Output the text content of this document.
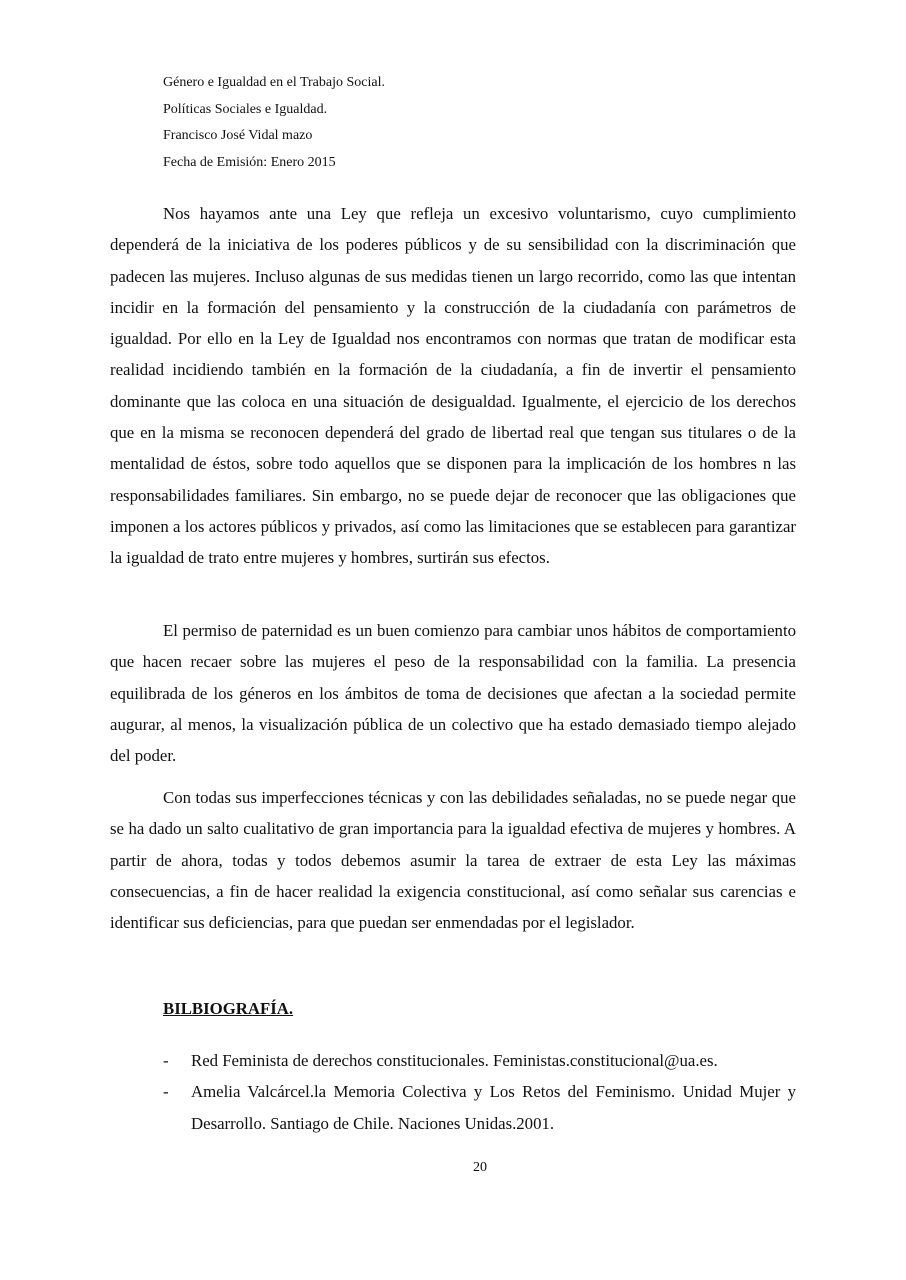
Género e Igualdad en el Trabajo Social.
Políticas Sociales e Igualdad.
Francisco José Vidal mazo
Fecha de Emisión: Enero 2015

Nos hayamos ante una Ley que refleja un excesivo voluntarismo, cuyo cumplimiento dependerá de la iniciativa de los poderes públicos y de su sensibilidad con la discriminación que padecen las mujeres. Incluso algunas de sus medidas tienen un largo recorrido, como las que intentan incidir en la formación del pensamiento y la construcción de la ciudadanía con parámetros de igualdad. Por ello en la Ley de Igualdad nos encontramos con normas que tratan de modificar esta realidad incidiendo también en la formación de la ciudadanía, a fin de invertir el pensamiento dominante que las coloca en una situación de desigualdad. Igualmente, el ejercicio de los derechos que en la misma se reconocen dependerá del grado de libertad real que tengan sus titulares o de la mentalidad de éstos, sobre todo aquellos que se disponen para la implicación de los hombres n las responsabilidades familiares. Sin embargo, no se puede dejar de reconocer que las obligaciones que imponen a los actores públicos y privados, así como las limitaciones que se establecen para garantizar la igualdad de trato entre mujeres y hombres, surtirán sus efectos.

El permiso de paternidad es un buen comienzo para cambiar unos hábitos de comportamiento que hacen recaer sobre las mujeres el peso de la responsabilidad con la familia. La presencia equilibrada de los géneros en los ámbitos de toma de decisiones que afectan a la sociedad permite augurar, al menos, la visualización pública de un colectivo que ha estado demasiado tiempo alejado del poder.

Con todas sus imperfecciones técnicas y con las debilidades señaladas, no se puede negar que se ha dado un salto cualitativo de gran importancia para la igualdad efectiva de mujeres y hombres. A partir de ahora, todas y todos debemos asumir la tarea de extraer de esta Ley las máximas consecuencias, a fin de hacer realidad la exigencia constitucional, así como señalar sus carencias e identificar sus deficiencias, para que puedan ser enmendadas por el legislador.

BILBIOGRAFÍA.
- Red Feminista de derechos constitucionales. Feministas.constitucional@ua.es.
- Amelia Valcárcel.la Memoria Colectiva y Los Retos del Feminismo. Unidad Mujer y Desarrollo. Santiago de Chile. Naciones Unidas.2001.
20
